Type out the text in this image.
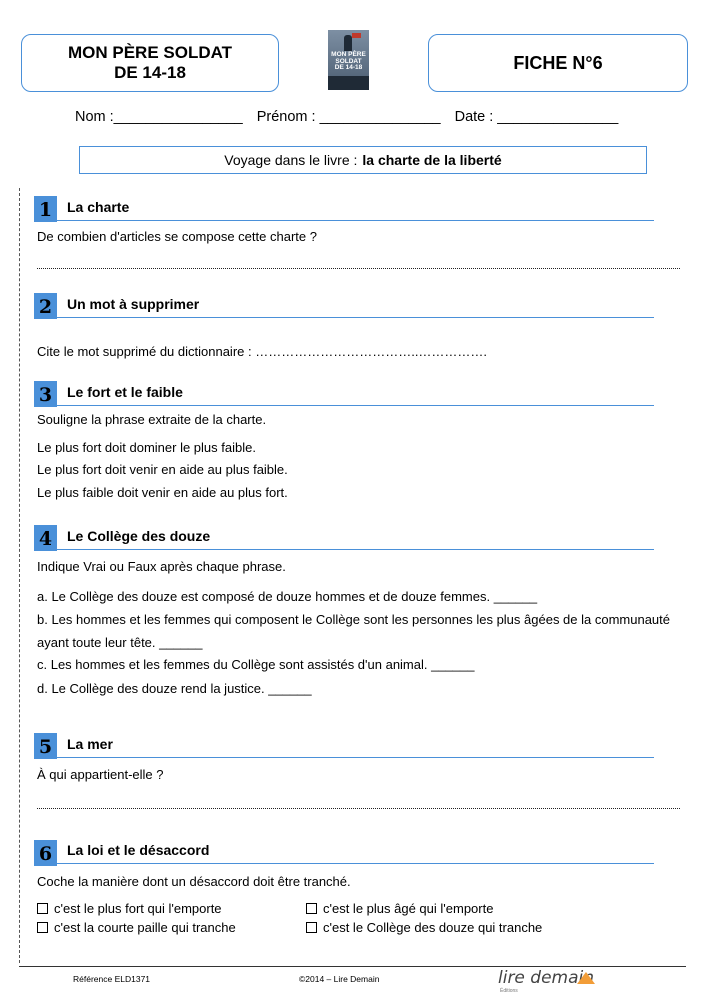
MON PÈRE SOLDAT
DE 14-18
MON PÈRE SOLDAT DE 14-18	FICHE N°6
Nom :________________ Prénom : _______________ Date : _______________
Voyage dans le livre : la charte de la liberté
1	La charte
De combien d'articles se compose cette charte ?
2	Un mot à supprimer
Cite le mot supprimé du dictionnaire : ………………………………..…………….
3	Le fort et le faible
Souligne la phrase extraite de la charte.
Le plus fort doit dominer le plus faible.
Le plus fort doit venir en aide au plus faible.
Le plus faible doit venir en aide au plus fort.
4	Le Collège des douze
Indique Vrai ou Faux après chaque phrase.
a. Le Collège des douze est composé de douze hommes et de douze femmes. ______
b. Les hommes et les femmes qui composent le Collège sont les personnes les plus âgées de la communauté
ayant toute leur tête. ______
c. Les hommes et les femmes du Collège sont assistés d'un animal. ______
d. Le Collège des douze rend la justice. ______
5	La mer
À qui appartient-elle ?
6	La loi et le désaccord
Coche la manière dont un désaccord doit être tranché.
c'est le plus fort qui l'emporte	c'est le plus âgé qui l'emporte
c'est la courte paille qui tranche	c'est le Collège des douze qui tranche
Référence ELD1371	©2014 – Lire Demain	lire demain
Éditions
